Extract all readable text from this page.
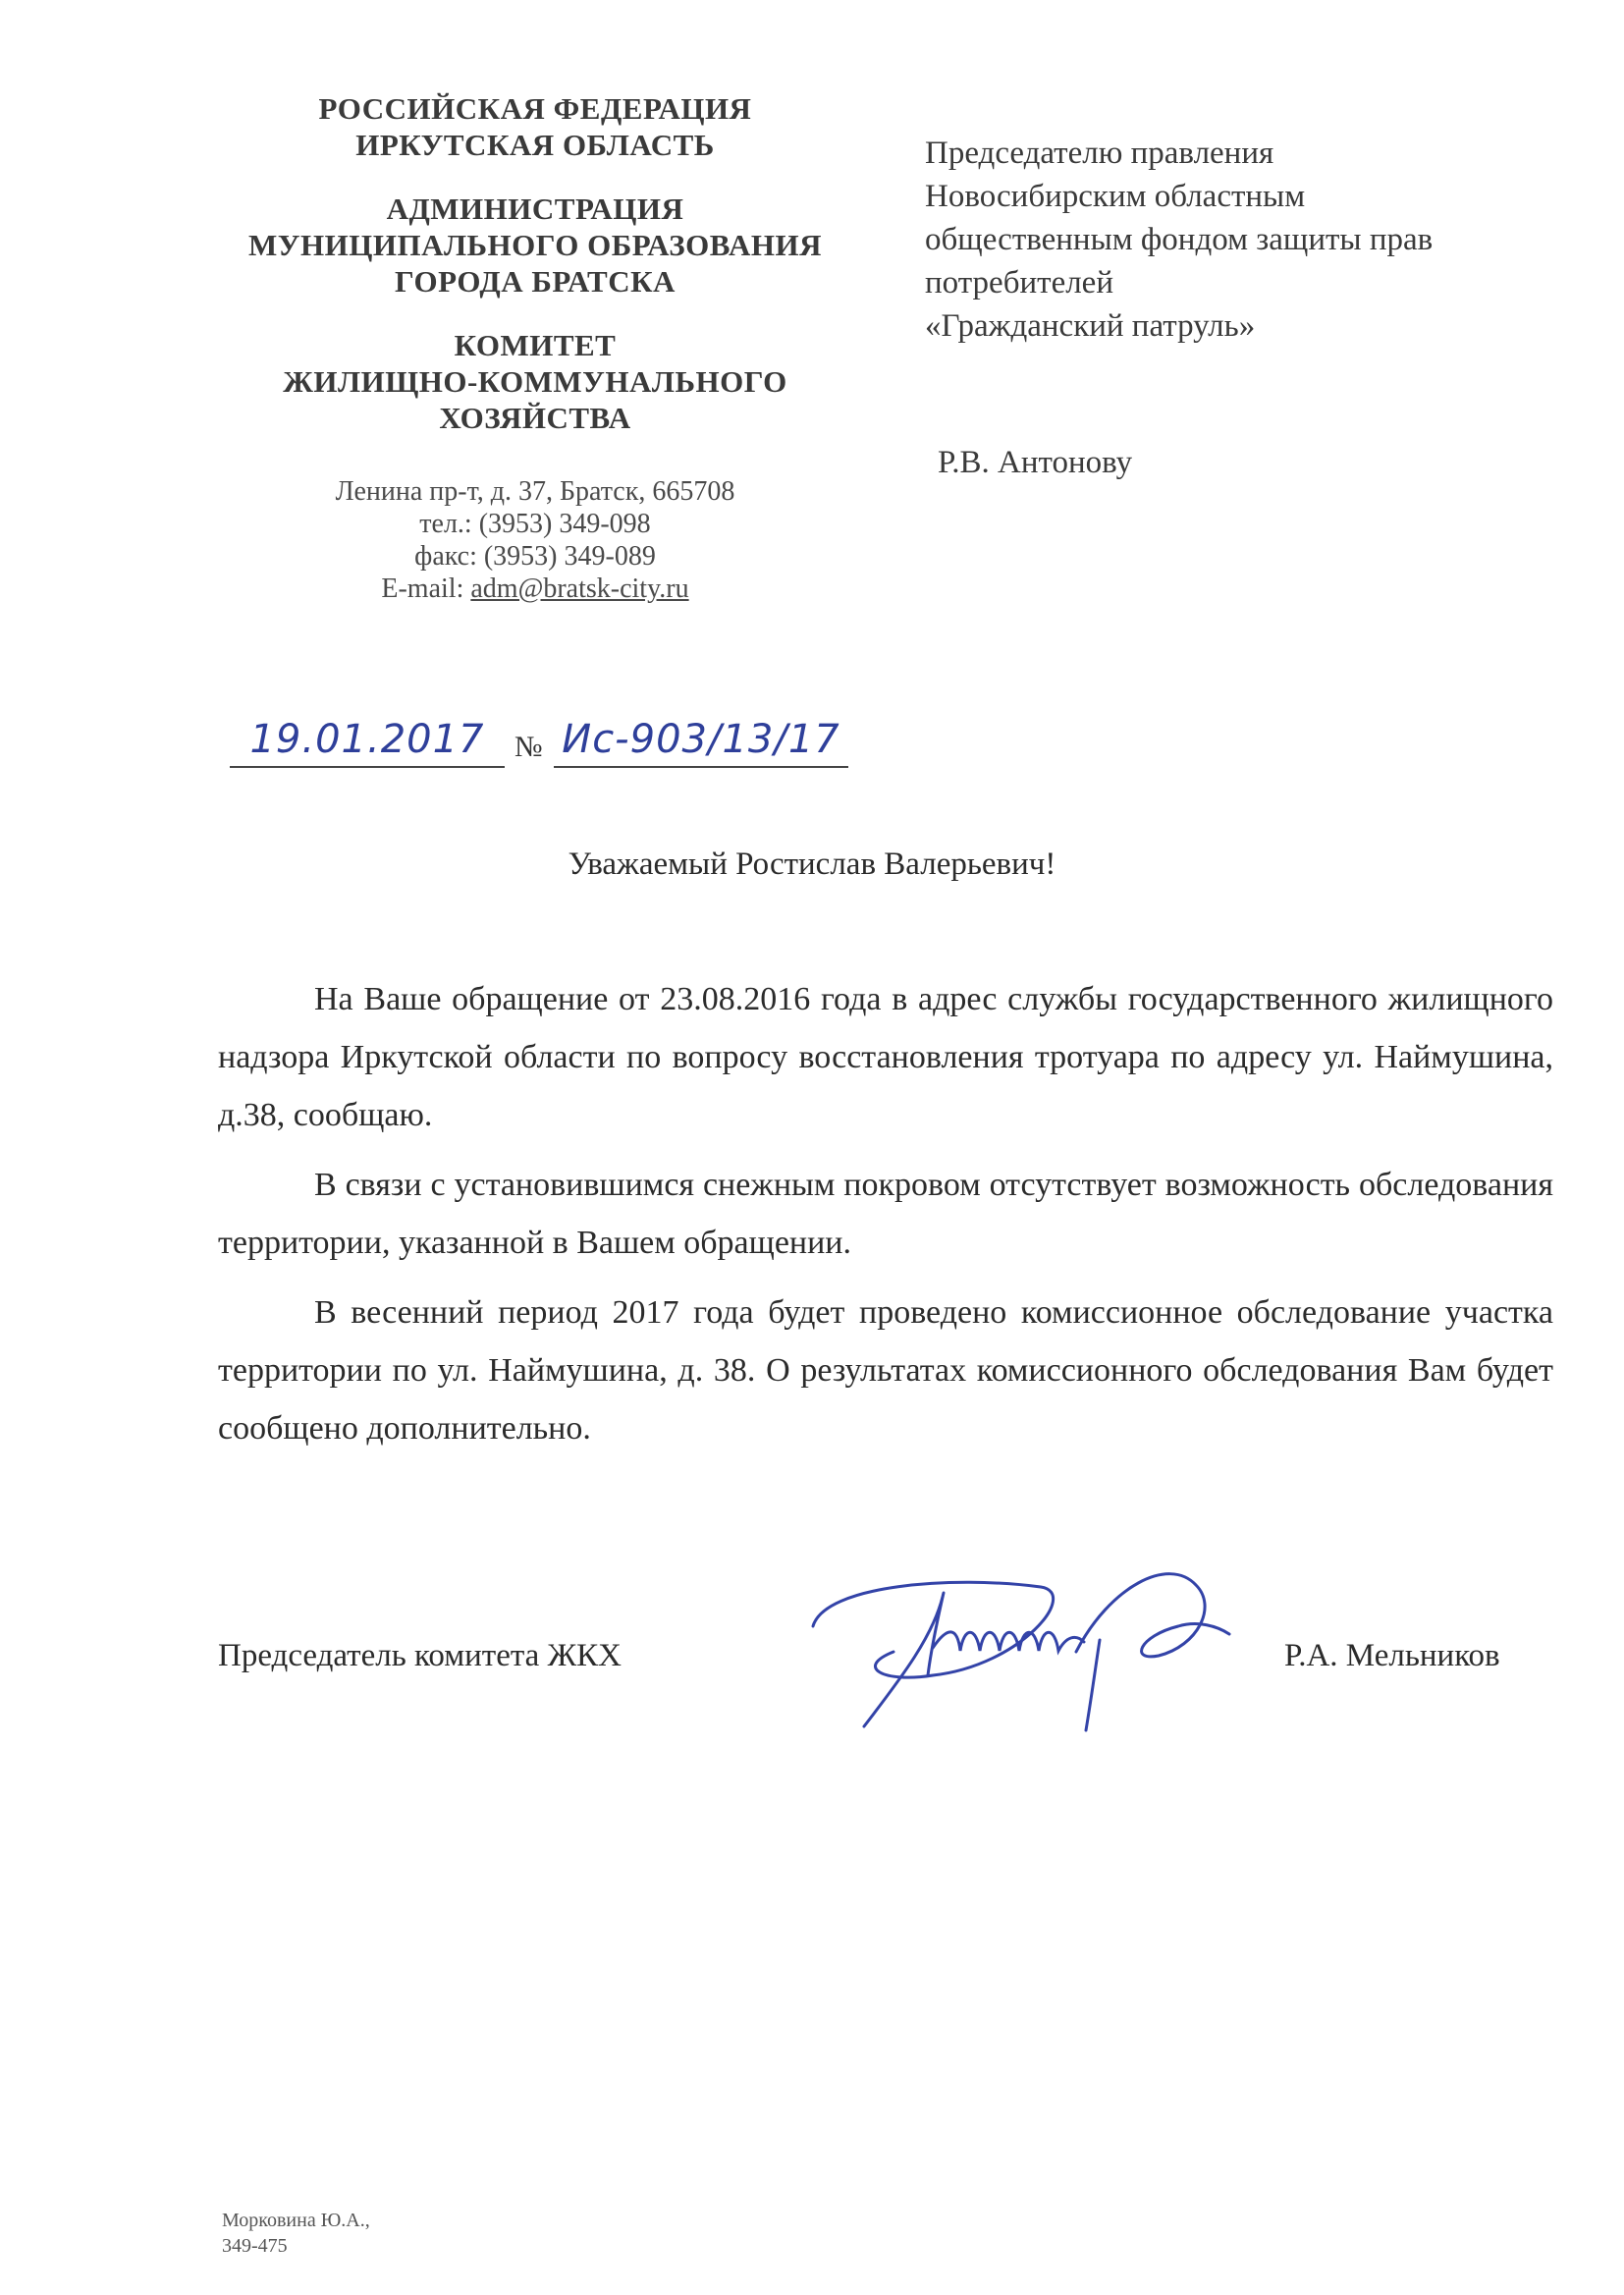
РОССИЙСКАЯ ФЕДЕРАЦИЯ
ИРКУТСКАЯ ОБЛАСТЬ
АДМИНИСТРАЦИЯ
МУНИЦИПАЛЬНОГО ОБРАЗОВАНИЯ
ГОРОДА БРАТСКА
КОМИТЕТ
ЖИЛИЩНО-КОММУНАЛЬНОГО
ХОЗЯЙСТВА
Ленина пр-т, д. 37, Братск, 665708
тел.: (3953) 349-098
факс: (3953) 349-089
E-mail: adm@bratsk-city.ru
Председателю правления
Новосибирским областным
общественным фондом защиты прав
потребителей
«Гражданский патруль»
Р.В. Антонову
19.01.2017	№ Ис-903/13/17
Уважаемый Ростислав Валерьевич!

На Ваше обращение от 23.08.2016 года в адрес службы государственного жилищного надзора Иркутской области по вопросу восстановления тротуара по адресу ул. Наймушина, д.38, сообщаю.

В связи с установившимся снежным покровом отсутствует возможность обследования территории, указанной в Вашем обращении.

В весенний период 2017 года будет проведено комиссионное обследование участка территории по ул. Наймушина, д. 38. О результатах комиссионного обследования Вам будет сообщено дополнительно.

Председатель комитета ЖКХ	Р.А. Мельников
Морковина Ю.А.,
349-475
